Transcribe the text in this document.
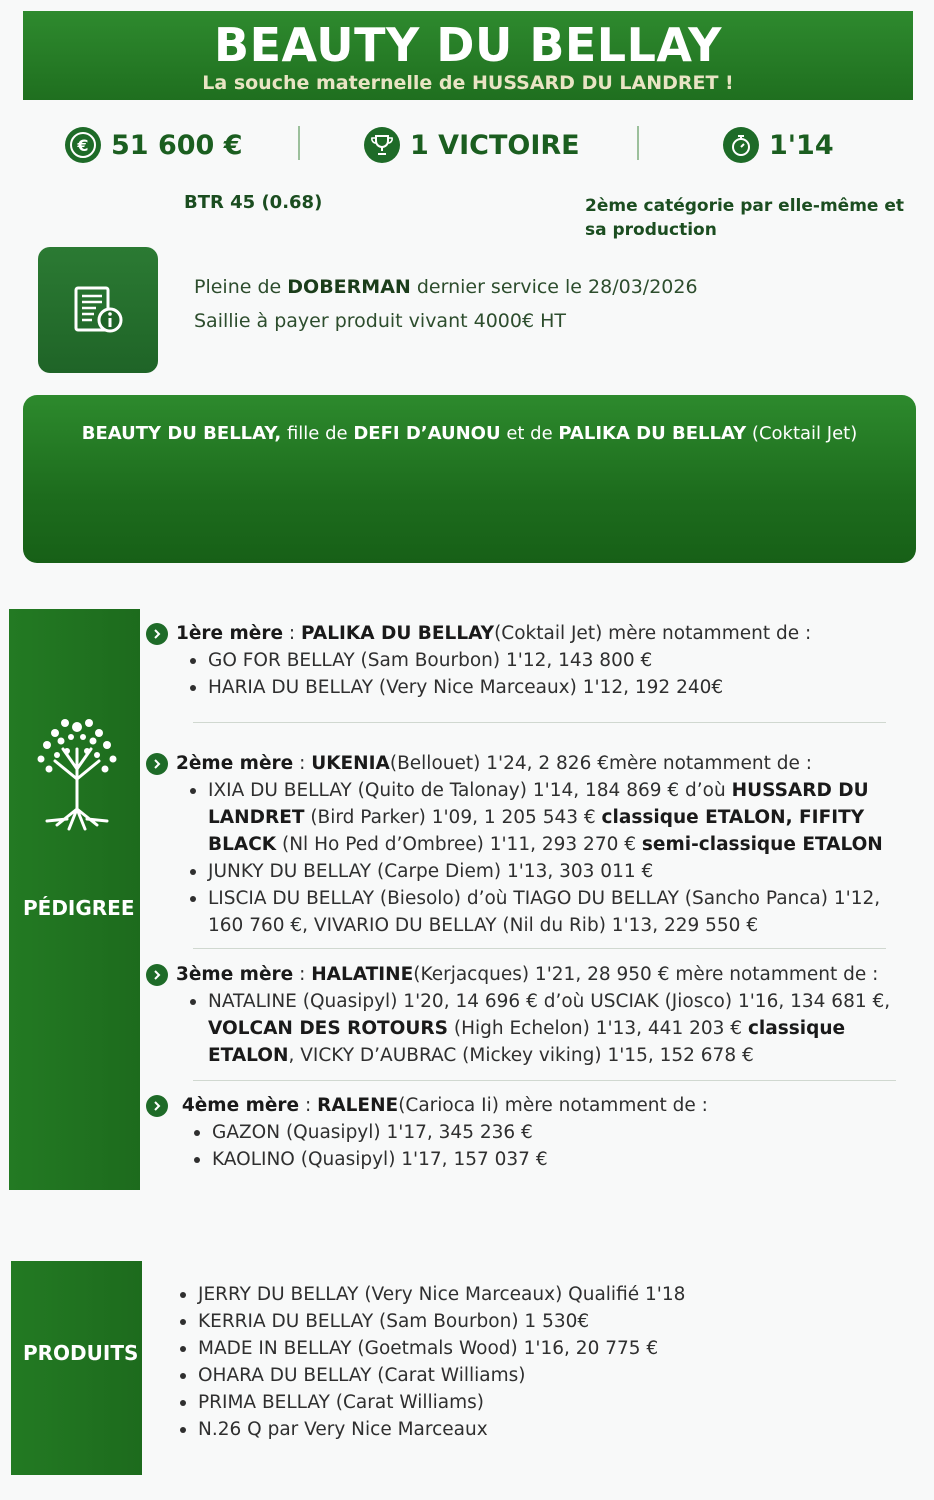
BEAUTY DU BELLAY
La souche maternelle de HUSSARD DU LANDRET !
€ 51 600 €	1 VICTOIRE	1'14
BTR 45 (0.68)	2ème catégorie par elle-même et
sa production
Pleine de DOBERMAN dernier service le 28/03/2026
Saillie à payer produit vivant 4000€ HT
BEAUTY DU BELLAY, fille de DEFI D’AUNOU et de PALIKA DU BELLAY (Coktail Jet)
PÉDIGREE
1ère mère : PALIKA DU BELLAY (Coktail Jet) mère notamment de :
GO FOR BELLAY (Sam Bourbon) 1'12, 143 800 €
HARIA DU BELLAY (Very Nice Marceaux) 1'12, 192 240€
2ème mère : UKENIA (Bellouet) 1'24, 2 826 €mère notamment de :
IXIA DU BELLAY (Quito de Talonay) 1'14, 184 869 € d’où HUSSARD DU LANDRET (Bird Parker) 1'09, 1 205 543 € classique ETALON, FIFITY BLACK (Nl Ho Ped d’Ombree) 1'11, 293 270 € semi-classique ETALON
JUNKY DU BELLAY (Carpe Diem) 1'13, 303 011 €
LISCIA DU BELLAY (Biesolo) d’où TIAGO DU BELLAY (Sancho Panca) 1'12, 160 760 €, VIVARIO DU BELLAY (Nil du Rib) 1'13, 229 550 €
3ème mère : HALATINE (Kerjacques) 1'21, 28 950 € mère notamment de :
NATALINE (Quasipyl) 1'20, 14 696 € d’où USCIAK (Jiosco) 1'16, 134 681 €, VOLCAN DES ROTOURS (High Echelon) 1'13, 441 203 € classique ETALON, VICKY D’AUBRAC (Mickey viking) 1'15, 152 678 €

4ème mère : RALENE (Carioca Ii) mère notamment de :
GAZON (Quasipyl) 1'17, 345 236 €
KAOLINO (Quasipyl) 1'17, 157 037 €
PRODUITS
JERRY DU BELLAY (Very Nice Marceaux) Qualifié 1'18
KERRIA DU BELLAY (Sam Bourbon) 1 530€
MADE IN BELLAY (Goetmals Wood) 1'16, 20 775 €
OHARA DU BELLAY (Carat Williams)
PRIMA BELLAY (Carat Williams)
N.26 Q par Very Nice Marceaux
